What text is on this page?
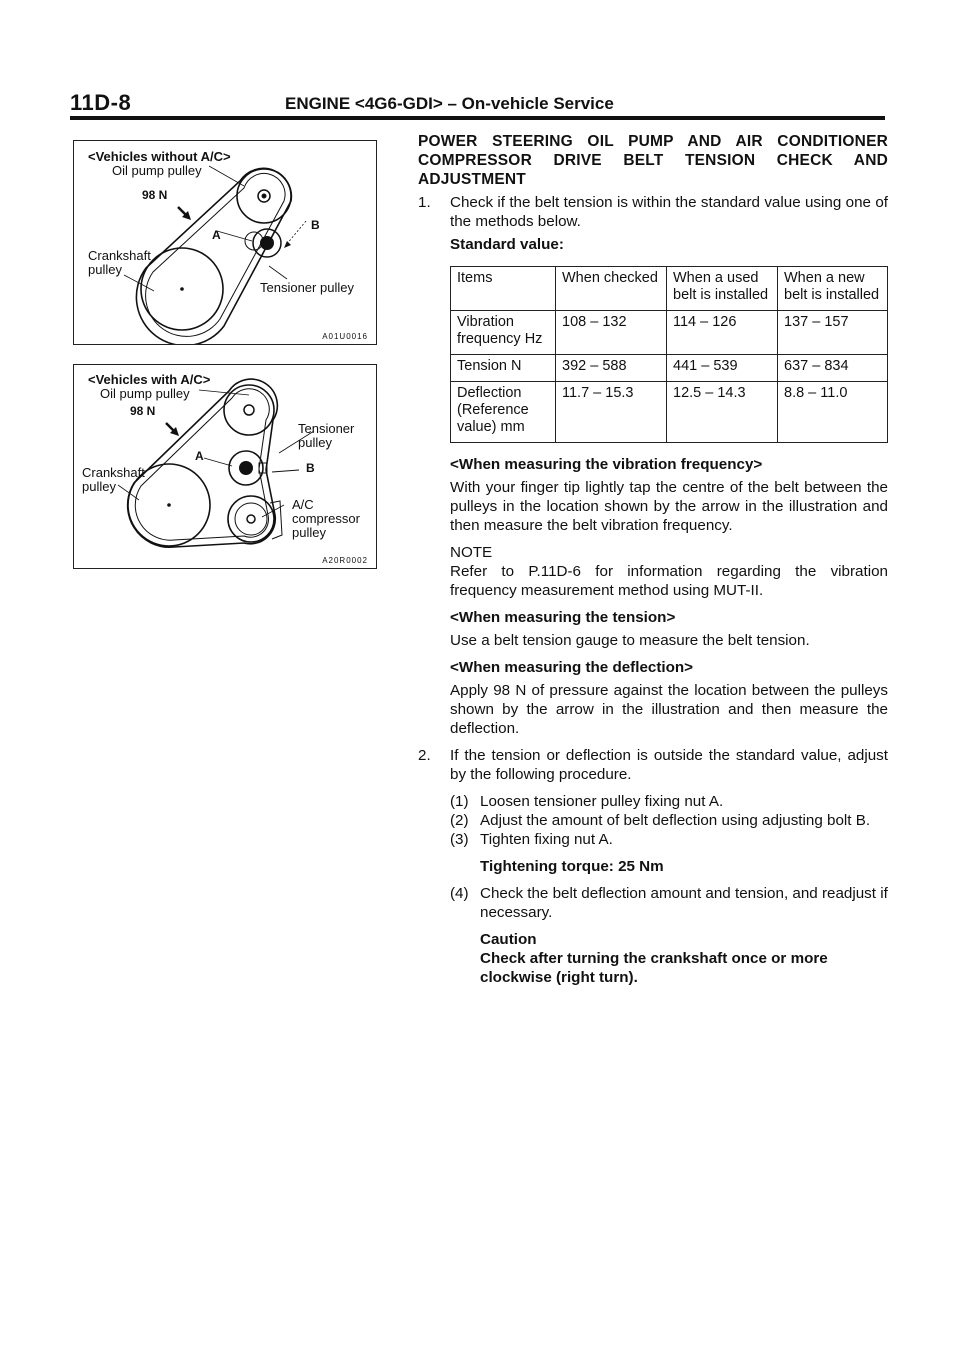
11D-8	ENGINE <4G6-GDI> – On-vehicle Service
<Vehicles without A/C>
Oil pump pulley
98 N
A
B
Crankshaft
pulley
Tensioner pulley
A01U0016
<Vehicles with A/C>
Oil pump pulley
98 N
Tensioner
pulley
A
B
Crankshaft
pulley
A/C
compressor
pulley
A20R0002
POWER STEERING OIL PUMP AND AIR CONDITIONER COMPRESSOR DRIVE BELT TENSION CHECK AND ADJUSTMENT
1. Check if the belt tension is within the standard value using one of the methods below.
Standard value:
Items	When checked	When a used belt is installed	When a new belt is installed
Vibration frequency Hz	108 – 132	114 – 126	137 – 157
Tension N	392 – 588	441 – 539	637 – 834
Deflection (Reference value) mm	11.7 – 15.3	12.5 – 14.3	8.8 – 11.0
<When measuring the vibration frequency>
With your finger tip lightly tap the centre of the belt between the pulleys in the location shown by the arrow in the illustration and then measure the belt vibration frequency.
NOTE
Refer to P.11D-6 for information regarding the vibration frequency measurement method using MUT-II.
<When measuring the tension>
Use a belt tension gauge to measure the belt tension.
<When measuring the deflection>
Apply 98 N of pressure against the location between the pulleys shown by the arrow in the illustration and then measure the deflection.
2. If the tension or deflection is outside the standard value, adjust by the following procedure.
(1) Loosen tensioner pulley fixing nut A.
(2) Adjust the amount of belt deflection using adjusting bolt B.
(3) Tighten fixing nut A.
Tightening torque: 25 Nm
(4) Check the belt deflection amount and tension, and readjust if necessary.
Caution
Check after turning the crankshaft once or more clockwise (right turn).
